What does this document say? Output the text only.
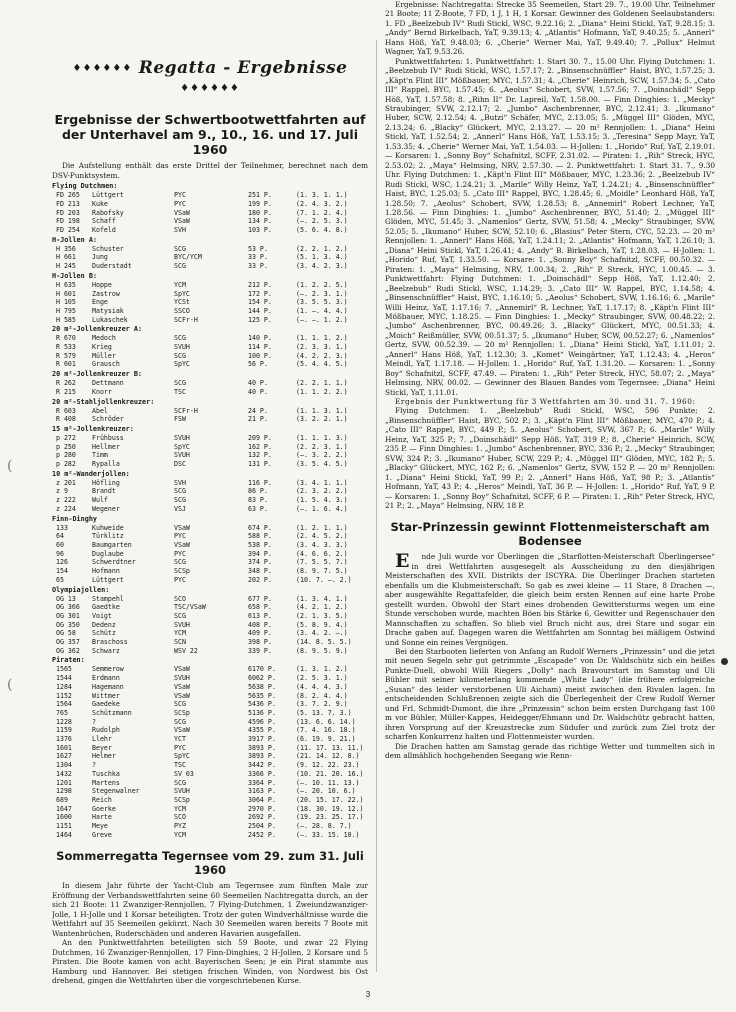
(
(
♦♦♦♦♦♦ Regatta - Ergebnisse ♦♦♦♦♦♦
Ergebnisse der Schwertbootwettfahrten auf der Unterhavel am 9., 10., 16. und 17. Juli 1960

Die Aufstellung enthält das erste Drittel der Teilnehmer, berechnet nach dem DSV-Punktsystem.

Flying Dutchmen:
FD 265	Lüttgert	PYC	251 P.	(1. 3. 1. 1.)
FD 213	Kuke	PYC	199 P.	(2. 4. 3. 2.)
FD 203	Rabofsky	VSaW	180 P.	(7. 1. 2. 4.)
FD 198	Schaff	VSaW	134 P.	(—. 2. 5. 3.)
FD 254	Kofeld	SVH	103 P.	(5. 6. 4. 8.)
H-Jollen A:
H 356	Schuster	SCG	53 P.	(2. 2. 1. 2.)
H 661	Jung	BYC/YCM	33 P.	(5. 1. 3. 4.)
H 245	Duderstadt	SCG	33 P.	(3. 4. 2. 3.)
H-Jollen B:
H 635	Hoppe	YCM	212 P.	(1. 2. 2. 5.)
H 601	Zastrow	SpYC	172 P.	(—. 2. 3. 1.)
H 105	Enge	YCSt	154 P.	(3. 5. 5. 3.)
H 795	Matysiak	SSCO	144 P.	(1. —. 4. 4.)
H 585	Lukaschek	SCFr-H	125 P.	(—. —. 1. 2.)
20 m²-Jollenkreuzer A:
R 670	Medoch	SCG	140 P.	(1. 1. 1. 2.)
R 533	Krieg	SVUH	114 P.	(2. 3. 3. 1.)
R 579	Müller	SCG	100 P.	(4. 2. 2. 3.)
R 601	Grausch	SpYC	56 P.	(5. 4. 4. 5.)
20 m²-Jollenkreuzer B:
R 262	Dettmann	SCG	40 P.	(2. 2. 1. 1.)
R 215	Knorr	TSC	40 P.	(1. 1. 2. 2.)
20 m²-Stahljollenkreuzer:
R 603	Abel	SCFr-H	24 P.	(1. 1. 3. 1.)
R 408	Schröder	FSW	21 P.	(3. 2. 2. 1.)
15 m²-Jollenkreuzer:
p 272	Frühbuss	SVUH	209 P.	(1. 1. 1. 3.)
p 250	Hellmer	SpYC	162 P.	(2. 2. 3. 1.)
p 280	Timm	SVUH	132 P.	(—. 3. 2. 2.)
p 282	Rypalla	DSC	131 P.	(3. 5. 4. 5.)
10 m²-Wanderjollen:
z 201	Höfling	SVH	116 P.	(3. 4. 1. 1.)
z 9	Brandt	SCG	86 P.	(2. 3. 2. 2.)
z 222	Wulf	SCG	83 P.	(1. 5. 4. 3.)
z 224	Wegener	VSJ	63 P.	(—. 1. 6. 4.)
Finn-Dinghy
133	Kuhweide	VSaW	674 P.	(1. 2. 1. 1.)
64	Türklitz	PYC	588 P.	(2. 4. 5. 2.)
60	Baumgarten	VSaW	538 P.	(3. 4. 3. 3.)
96	Duglaube	PYC	394 P.	(4. 6. 6. 2.)
126	Schwerdtner	SCG	374 P.	(7. 5. 5. 7.)
154	Hofmann	SCSp	348 P.	(8. 9. 7. 5.)
65	Lüttgert	PYC	202 P.	(10. 7. —. 2.)
Olympiajollen:
OG 13	Stampehl	SCO	677 P.	(1. 3. 4. 1.)
OG 366	Gaedtke	TSC/VSaW	658 P.	(4. 2. 1. 2.)
OG 301	Voigt	SCG	613 P.	(2. 1. 3. 5.)
OG 350	Dedenz	SVUH	408 P.	(5. 8. 9. 4.)
OG 58	Schütz	YCM	409 P.	(3. 4. 2. —.)
OG 357	Braschoss	SCN	398 P.	(14. 8. 5. 5.)
OG 362	Schwarz	WSV 22	339 P.	(8. 9. 5. 9.)
Piraten:
1565	Semmerow	VSaW	6170 P.	(1. 3. 1. 2.)
1544	Erdmann	SVUH	6062 P.	(2. 5. 3. 1.)
1284	Hagemann	VSaW	5638 P.	(4. 4. 4. 3.)
1152	Wittmer	VSaW	5635 P.	(8. 2. 4. 4.)
1564	Gaedeke	SCG	5436 P.	(3. 7. 2. 9.)
765	Schützmann	SCSp	5136 P.	(5. 13. 7. 3.)
1228	?	SCG	4596 P.	(13. 6. 6. 14.)
1159	Rudolph	VSaW	4355 P.	(7. 4. 16. 18.)
1376	Llehr	YCT	3917 P.	(6. 19. 9. 21.)
1601	Beyer	PYC	3893 P.	(11. 17. 13. 11.)
1627	Helmer	SpYC	3893 P.	(21. 14. 12. 8.)
1304	?	TSC	3442 P.	(9. 12. 22. 23.)
1432	Tuschka	SV 03	3366 P.	(10. 21. 20. 16.)
1201	Martens	SCG	3364 P.	(—. 10. 11. 13.)
1298	Stegenwalner	SVUH	3163 P.	(—. 20. 10. 6.)
689	Reich	SCSp	3064 P.	(20. 15. 17. 22.)
1647	Goerke	YCM	2970 P.	(18. 30. 19. 12.)
1600	Harte	SCO	2692 P.	(19. 23. 25. 17.)
1151	Meye	PYZ	2504 P.	(—. 28. 8. 7.)
1464	Greve	YCM	2452 P.	(—. 33. 15. 10.)
Sommerregatta Tegernsee vom 29. zum 31. Juli 1960

In diesem Jahr führte der Yacht-Club am Tegernsee zum fünften Male zur Eröffnung der Verbandswettfahrten seine 60 Seemeilen Nachtregatta durch, an der sich 21 Boote: 11 Zwanziger-Rennjollen, 7 Flying-Dutchmen, 1 Zweiundzwanziger-Jolle, 1 H-Jolle und 1 Korsar beteiligten. Trotz der guten Windverhältnisse wurde die Wettfahrt auf 35 Seemeilen gekürzt. Nach 30 Seemeilen waren bereits 7 Boote mit Wantenbrüchen, Ruderschäden und anderen Havarien ausgefallen.

An den Punktwettfahrten beteiligten sich 59 Boote, und zwar 22 Flying Dutchmen, 16 Zwanziger-Rennjollen, 17 Finn-Dinghies, 2 H-Jollen, 2 Korsare und 5 Piraten. Die Boote kamen von acht Bayerischen Seen; je ein Pirat stammte aus Hamburg und Hannover. Bei stetigen frischen Winden, von Nordwest bis Ost drehend, gingen die Wettfahrten über die vorgeschriebenen Kurse.

Ergebnisse: Nachtregatta: Strecke 35 Seemeilen, Start 29. 7., 19.00 Uhr. Teilnehmer 21 Boote; 11 Z-Boote, 7 FD, 1 J, 1 H, 1 Korsar. Gewinner des Goldenen Seelaubstanders: 1. FD „Beelzebub IV“ Rudi Stickl, WSC, 9.22.16; 2. „Diana“ Heini Stickl, YaT, 9.28.15; 3. „Andy“ Bernd Birkelbach, YaT, 9.39.13; 4. „Atlantis“ Hofmann, YaT, 9.40.25; 5. „Annerl“ Hans Höß, YaT, 9.48.03; 6. „Cherie“ Werner Mai, YaT, 9.49.40; 7. „Pollux“ Helmut Wagner, YaT, 9.53.26.

Punktwettfahrten: 1. Punktwettfahrt: 1. Start 30. 7., 15.00 Uhr. Flying Dutchmen: 1. „Beelzebub IV“ Rudi Stickl, WSC, 1.57.17; 2. „Binsenschnüffler“ Haist, BYC, 1.57.25; 3. „Käpt'n Flint III“ Mößbauer, MYC, 1.57.31; 4. „Cherie“ Heinrich, SCW, 1.57.34; 5. „Cato III“ Rappel, BYC, 1.57.45; 6. „Aeolus“ Schobert, SVW, 1.57.56; 7. „Doinschädl“ Sepp Höß, YaT, 1.57.58; 8. „Rihn II“ Dr. Lapreil, YaT, 1.58.00. — Finn Dinghies: 1. „Mecky“ Straubinger, SVW, 2.12.17; 2. „Jumbo“ Aschenbrenner, BYC, 2.12.41; 3. „Ikumano“ Huber, SCW, 2.12.54; 4. „Butzi“ Schäfer, MYC, 2.13.05; 5. „Müggel III“ Glöden, MYC, 2.13.24; 6. „Blacky“ Glückert, MYC, 2.13.27. — 20 m² Rennjollen: 1. „Diana“ Heini Stickl, YaT, 1.52.54; 2. „Annerl“ Hans Höß, YaT, 1.53.15; 3. „Teresina“ Sepp Mayr, YaT, 1.53.35; 4. „Cherie“ Werner Mai, YaT, 1.54.03. — H-Jollen: 1. „Horido“ Ruf, YaT, 2.19.01. — Korsaren: 1. „Sonny Boy“ Schafnitzl, SCFF, 2.31.02. — Piraten: 1. „Rih“ Streck, HYC, 2.53.02; 2. „Maya“ Helmsing, NRV, 2.57.30. — 2. Punktwettfahrt: 1. Start 31. 7., 9.30 Uhr. Flying Dutchmen: 1. „Käpt'n Flint III“ Mößbauer, MYC, 1.23.36; 2. „Beelzebub IV“ Rudi Stickl, WSC, 1.24.21; 3. „Marile“ Willy Heinz, YaT, 1.24.21; 4. „Binsenschnüffler“ Haist, BYC, 1.25.03; 5. „Cato III“ Rappel, BYC, 1.28.45; 6. „Moidle“ Leonhard Höß, YaT, 1.28.50; 7. „Aeolus“ Schobert, SVW, 1.28.53; 8. „Annemirl“ Robert Lechner, YaT, 1.28.56. — Finn Dinghies: 1. „Jumbo“ Aschenbrenner, BYC, 51.40; 2. „Müggel III“ Glöden, MYC, 51.45; 3. „Namenlos“ Gertz, SVW, 51.58; 4. „Mecky“ Straubinger, SVW, 52.05; 5. „Ikumano“ Huber, SCW, 52.10; 6. „Blasius“ Peter Stern, CYC, 52.23. — 20 m² Rennjollen: 1. „Annerl“ Hans Höß, YaT, 1.24.11; 2. „Atlantis“ Hofmann, YaT, 1.26.10; 3. „Diana“ Heini Stickl, YaT, 1.26.41; 4. „Andy“ B. Birkelbach, YaT, 1.28.03. — H-Jollen: 1. „Horido“ Ruf, YaT, 1.33.50. — Korsare: 1. „Sonny Boy“ Schafnitzl, SCFF, 00.50.32. — Piraten: 1. „Maya“ Helmsing, NRV, 1.00.34; 2. „Rih“ P. Streck, HYC, 1.00.45. — 3. Punktwettfahrt: Flying Dutchmen: 1. „Doinschädl“ Sepp Höß, YaT, 1.12.40; 2. „Beelzebub“ Rudi Stickl, WSC, 1.14.29; 3. „Cato III“ W. Rappel, BYC, 1.14.58; 4. „Binsenschnüffler“ Haist, BYC, 1.16.10; 5. „Aeolus“ Schobert, SVW, 1.16.16; 6. „Marile“ Willi Heinz, YaT, 1.17.16; 7. „Annemirl“ R. Lechner, YaT, 1.17.17; 8. „Käpt'n Flint III“ Mößbauer, MYC, 1.18.25. — Finn Dinghies: 1. „Mecky“ Straubinger, SVW, 00.48.22; 2. „Jumbo“ Aschenbrenner, BYC, 00.49.26; 3. „Blacky“ Glückert, MYC, 00.51.33; 4. „Moich“ Reißmüller, SVW, 00.51.37; 5. „Ikumano“ Huber, SCW, 00.52.27; 6. „Namenlos“ Gertz, SVW, 00.52.39. — 20 m² Rennjollen: 1. „Diana“ Heini Stickl, YaT, 1.11.01; 2. „Annerl“ Hans Höß, YaT, 1.12.30; 3. „Komet“ Weingärtner, YaT, 1.12.43; 4. „Heros“ Meindl, YaT, 1.17.18. — H-Jollen: 1. „Horido“ Ruf, YaT, 1.31.20. — Korsaren: 1. „Sonny Boy“ Schafnitzl, SCFF, 47.49. — Piraten: 1. „Rih“ Peter Streck, HYC, 58.07; 2. „Maya“ Helmsing, NRV, 00.02. — Gewinner des Blauen Bandes vom Tegernsee: „Diana“ Heini Stickl, YaT, 1.11.01.

Ergebnis der Punktwertung für 3 Wettfahrten am 30. und 31. 7. 1960:

Flying Dutchmen: 1. „Beelzebub“ Rudi Stickl, WSC, 596 Punkte; 2. „Binsenschnüffler“ Haist, BYC, 502 P.; 3. „Käpt'n Flint III“ Mößbauer, MYC, 470 P.; 4. „Cato III“ Rappel, BYC, 449 P.; 5. „Aeolus“ Schobert, SVW, 367 P.; 6. „Marile“ Willy Heinz, YaT, 325 P.; 7. „Doinschädl“ Sepp Höß, YaT, 319 P.; 8. „Cherie“ Heinrich, SCW, 235 P. — Finn Dinghies: 1. „Jumbo“ Aschenbrenner, BYC, 336 P.; 2. „Mecky“ Straubinger, SVW, 324 P.; 3. „Ikumano“ Huber, SCW, 229 P.; 4. „Müggel III“ Glöden, MYC, 182 P.; 5. „Blacky“ Glückert, MYC, 162 P.; 6. „Namenlos“ Gertz, SVW, 152 P. — 20 m² Rennjollen: 1. „Diana“ Heini Stickl, YaT, 99 P.; 2. „Annerl“ Hans Höß, YaT, 98 P.; 3. „Atlantis“ Hofmann, YaT, 43 P.; 4. „Heros“ Meindl, YaT, 36 P. — H-Jollen: 1. „Horido“ Ruf, YaT, 9 P. — Korsaren: 1. „Sonny Boy“ Schafnitzl, SCFF, 6 P. — Piraten: 1. „Rih“ Peter Streck, HYC, 21 P.; 2. „Maya“ Helmsing, NRV, 18 P.

Star-Prinzessin gewinnt Flottenmeisterschaft am Bodensee

Ende Juli wurde vor Überlingen die „Starflotten-Meisterschaft Überlingersee“ in drei Wettfahrten ausgesegelt als Ausscheidung zu den diesjährigen Meisterschaften des XVII. Distrikts der ISCYRA. Die Überlinger Drachen starteten ebenfalls um die Klubmeisterschaft. So gab es zwei kleine — 11 Stare, 8 Drachen —, aber ausgewählte Regattafelder, die gleich beim ersten Rennen auf eine harte Probe gestellt wurden. Obwohl der Start eines drohenden Gewittersturms wegen um eine Stunde verschoben wurde, machten Böen bis Stärke 6, Gewitter und Regenschauer den Mannschaften zu schaffen. So blieb viel Bruch nicht aus, drei Stare und sogar ein Drache gaben auf. Dagegen waren die Wettfahrten am Sonntag bei mäßigem Ostwind und Sonne ein reines Vergnügen.

Bei den Starbooten lieferten von Anfang an Rudolf Werners „Prinzessin“ und die jetzt mit neuen Segeln sehr gut getrimmte „Escapade“ von Dr. Waldschütz sich ein heißes Punkte-Duell, obwohl Willi Riegers „Dolly“ nach Bravourstart im Samstag und Uli Bühler mit seiner kilometerlang kommende „White Lady“ (die frühere erfolgreiche „Susan“ des leider verstorbenen Uli Aicham) meist zwischen den Rivalen lagen. Im entscheidenden Schlußrennen zeigte sich die Überlegenheit der Crew Rudolf Werner und Frl. Schmidt-Dumont, die ihre „Prinzessin“ schon beim ersten Durchgang fast 100 m vor Bühler, Müller-Kappes, Heidegger/Ehmann und Dr. Waldschütz gebracht hatten, ihren Vorsprung auf der Kreuzstrecke zum Südufer und zurück zum Ziel trotz der scharfen Konkurrenz halten und Flottenmeister wurden.

Die Drachen hatten am Samstag gerade das richtige Wetter und tummelten sich in dem allmählich hochgehenden Seegang wie Renn-

3
